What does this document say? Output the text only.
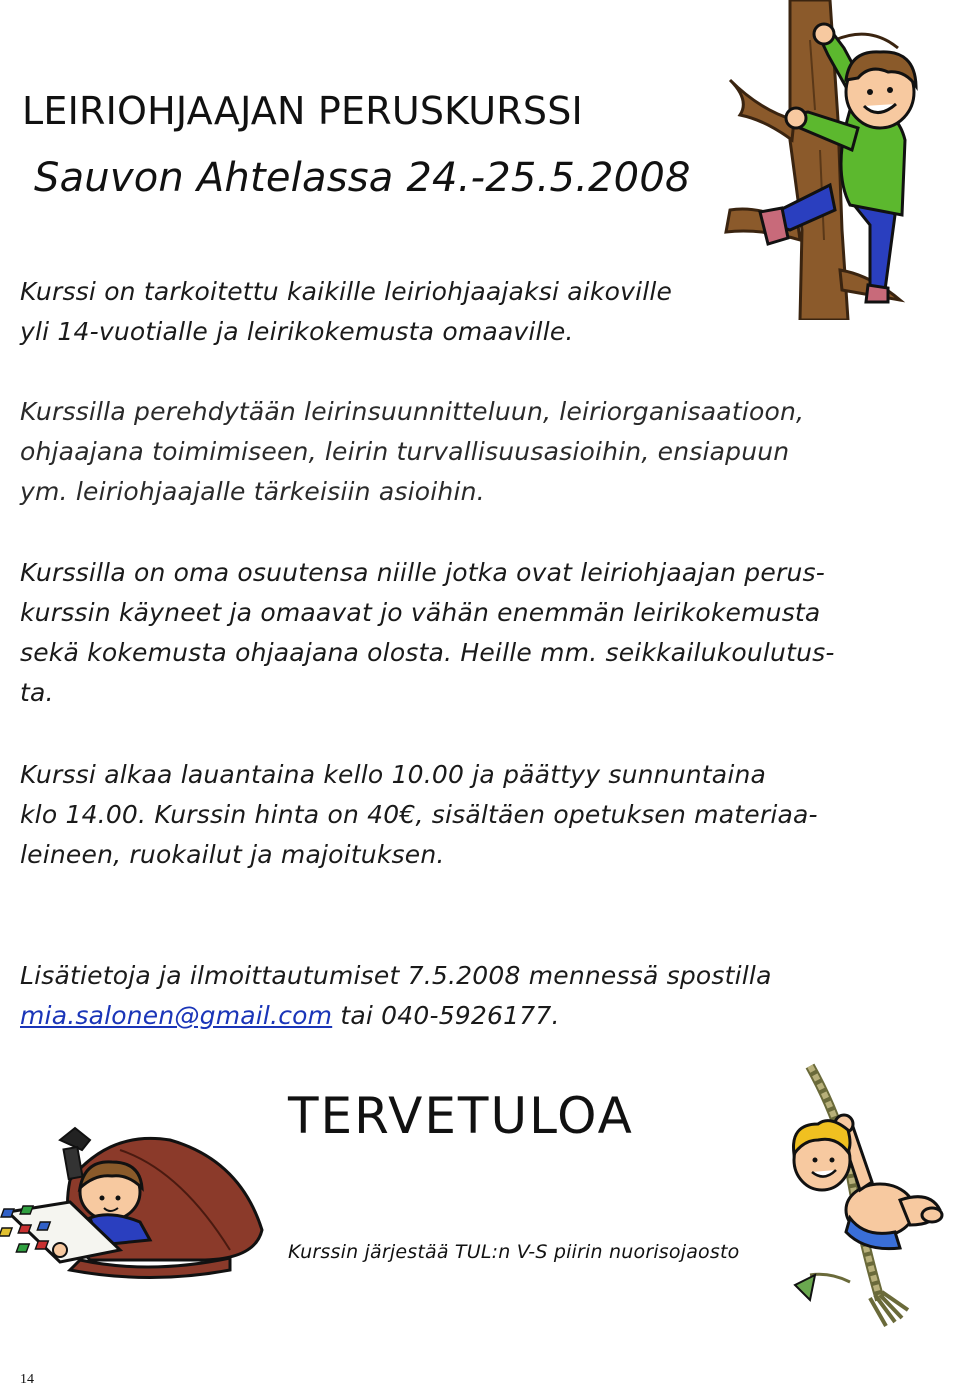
LEIRIOHJAAJAN PERUSKURSSI
Sauvon Ahtelassa 24.-25.5.2008
Kurssi on tarkoitettu kaikille leiriohjaajaksi aikoville
yli 14-vuotialle ja leirikokemusta omaaville.
Kurssilla perehdytään leirinsuunnitteluun, leiriorganisaatioon,
ohjaajana toimimiseen, leirin turvallisuusasioihin, ensiapuun
ym. leiriohjaajalle tärkeisiin asioihin.
Kurssilla on oma osuutensa niille jotka ovat leiriohjaajan perus-
kurssin käyneet ja omaavat jo vähän enemmän leirikokemusta
sekä kokemusta ohjaajana olosta. Heille mm. seikkailukoulutus-
ta.
Kurssi alkaa lauantaina kello 10.00 ja päättyy sunnuntaina
klo 14.00. Kurssin hinta on 40€, sisältäen opetuksen materiaa-
leineen, ruokailut ja majoituksen.
Lisätietoja ja ilmoittautumiset 7.5.2008 mennessä spostilla
mia.salonen@gmail.com tai 040-5926177.
TERVETULOA
Kurssin järjestää TUL:n V-S piirin nuorisojaosto
14
